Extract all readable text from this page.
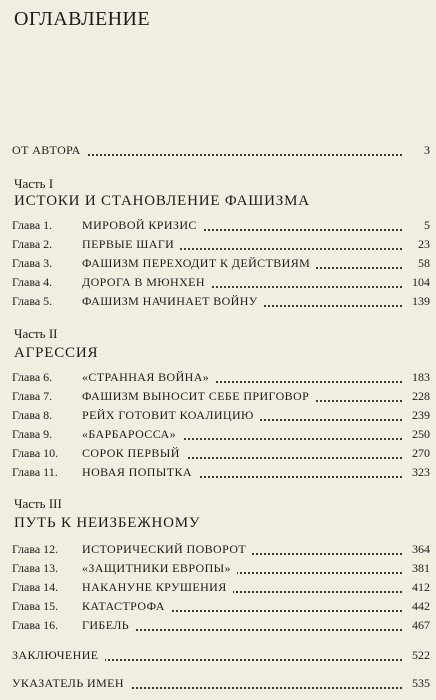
ОГЛАВЛЕНИЕ
ОТ АВТОРА	3
Часть I
ИСТОКИ И СТАНОВЛЕНИЕ ФАШИЗМА
Глава 1. МИРОВОЙ КРИЗИС	5
Глава 2. ПЕРВЫЕ ШАГИ	23
Глава 3. ФАШИЗМ ПЕРЕХОДИТ К ДЕЙСТВИЯМ	58
Глава 4. ДОРОГА В МЮНХЕН	104
Глава 5. ФАШИЗМ НАЧИНАЕТ ВОЙНУ	139
Часть II
АГРЕССИЯ
Глава 6. «СТРАННАЯ ВОЙНА»	183
Глава 7. ФАШИЗМ ВЫНОСИТ СЕБЕ ПРИГОВОР	228
Глава 8. РЕЙХ ГОТОВИТ КОАЛИЦИЮ	239
Глава 9. «БАРБАРОССА»	250
Глава 10. СОРОК ПЕРВЫЙ	270
Глава 11. НОВАЯ ПОПЫТКА	323
Часть III
ПУТЬ К НЕИЗБЕЖНОМУ
Глава 12. ИСТОРИЧЕСКИЙ ПОВОРОТ	364
Глава 13. «ЗАЩИТНИКИ ЕВРОПЫ»	381
Глава 14. НАКАНУНЕ КРУШЕНИЯ	412
Глава 15. КАТАСТРОФА	442
Глава 16. ГИБЕЛЬ	467
ЗАКЛЮЧЕНИЕ	522
УКАЗАТЕЛЬ ИМЕН	535
